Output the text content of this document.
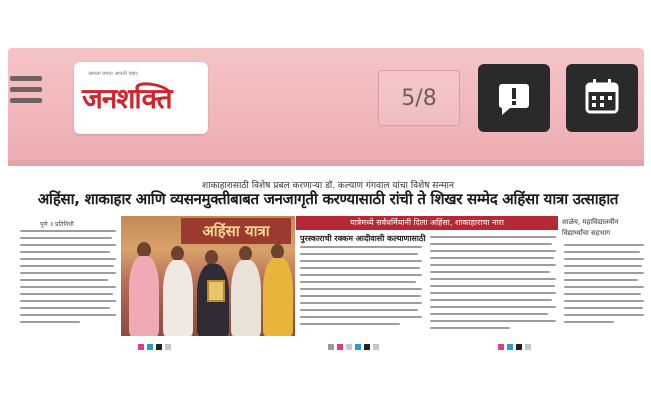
आपला प्रभात आपली पहाट
जनशक्ति	5/8
शाकाहारासाठी विशेष प्रबल करणाऱ्या डॉ. कल्याण गंगवाल यांचा विशेष सन्मान
अहिंसा, शाकाहार आणि व्यसनमुक्तीबाबत जनजागृती करण्यासाठी रांची ते शिखर सम्मेद अहिंसा यात्रा उत्साहात
पुणे ॥ प्रतिनिधी	अहिंसा यात्रा	यात्रेमध्ये सर्वधर्मियांनी दिला अहिंसा, शाकाहाराचा नारा
पुरस्काराची रक्कम आदीवासी कल्याणासाठी
शाळेय, महाविद्यालयीन विद्यार्थ्यांचा सहभाग
